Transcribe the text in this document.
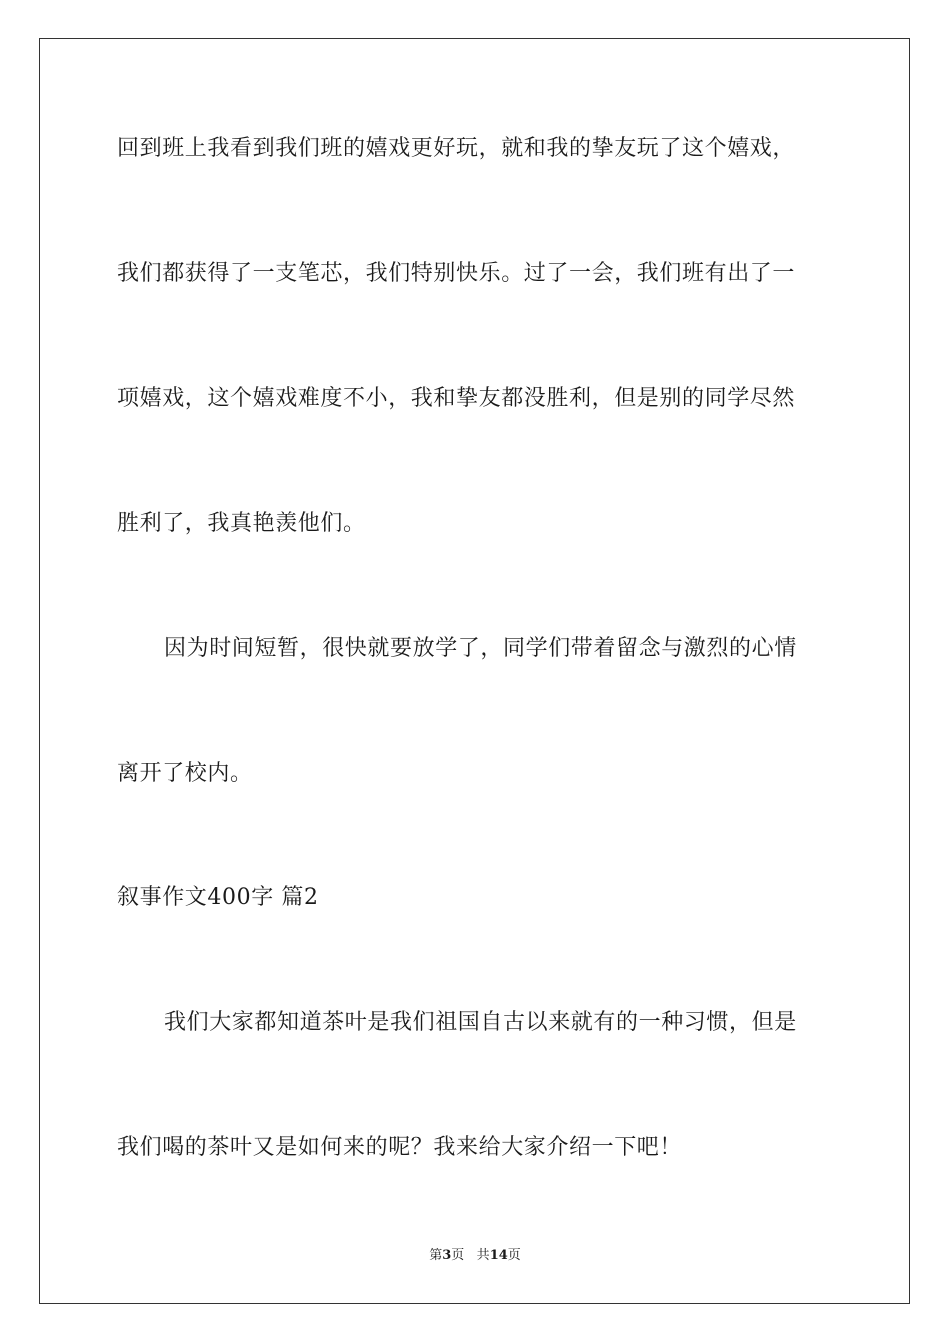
回到班上我看到我们班的嬉戏更好玩，就和我的挚友玩了这个嬉戏，
我们都获得了一支笔芯，我们特别快乐。过了一会，我们班有出了一
项嬉戏，这个嬉戏难度不小，我和挚友都没胜利，但是别的同学尽然
胜利了，我真艳羡他们。
因为时间短暂，很快就要放学了，同学们带着留念与激烈的心情
离开了校内。
叙事作文400字 篇2
我们大家都知道茶叶是我们祖国自古以来就有的一种习惯，但是
我们喝的茶叶又是如何来的呢？我来给大家介绍一下吧！
第3页 共14页
